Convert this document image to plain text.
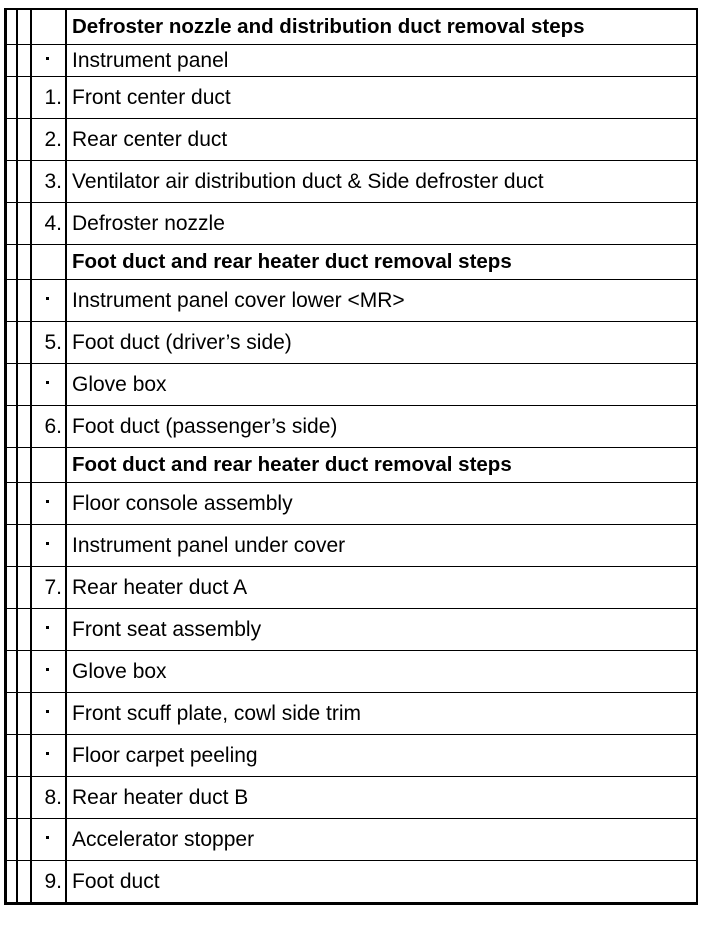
			Defroster nozzle and distribution duct removal steps
			Instrument panel
		1.	Front center duct
		2.	Rear center duct
		3.	Ventilator air distribution duct & Side defroster duct
		4.	Defroster nozzle
			Foot duct and rear heater duct removal steps
			Instrument panel cover lower <MR>
		5.	Foot duct (driver’s side)
			Glove box
		6.	Foot duct (passenger’s side)
			Foot duct and rear heater duct removal steps
			Floor console assembly
			Instrument panel under cover
		7.	Rear heater duct A
			Front seat assembly
			Glove box
			Front scuff plate, cowl side trim
			Floor carpet peeling
		8.	Rear heater duct B
			Accelerator stopper
		9.	Foot duct
